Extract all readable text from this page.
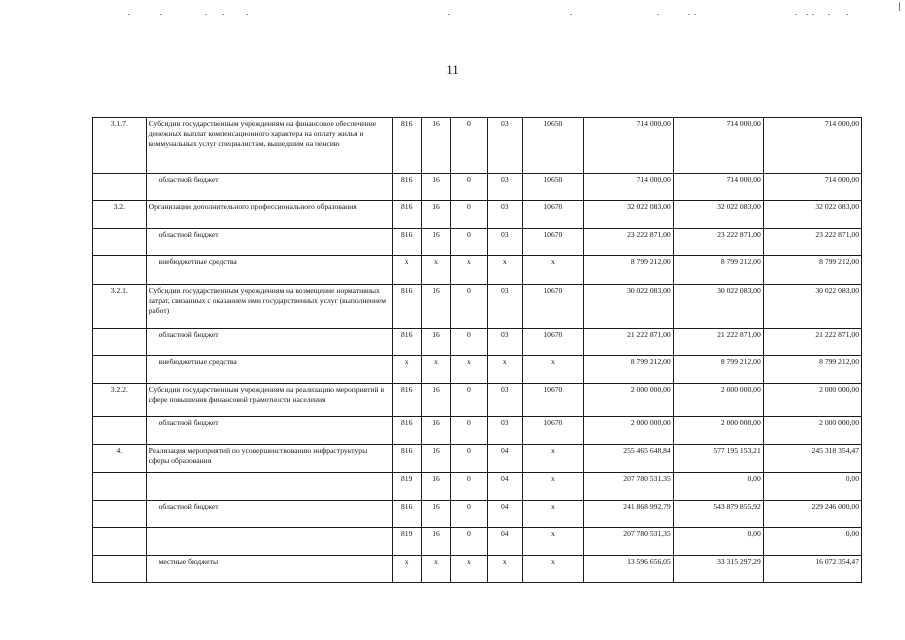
11
3.1.7.	Субсидии государственным учреждениям на финансовое обеспечение денежных выплат компенсационного характера на оплату жилья и коммунальных услуг специалистам, вышедшим на пенсию	816	16	0	03	10650	714 000,00	714 000,00	714 000,00
	областной бюджет	816	16	0	03	10650	714 000,00	714 000,00	714 000,00
3.2.	Организации дополнительного профессионального образования	816	16	0	03	10670	32 022 083,00	32 022 083,00	32 022 083,00
	областной бюджет	816	16	0	03	10670	23 222 871,00	23 222 871,00	23 222 871,00
	внебюджетные средства	х	х	х	х	х	8 799 212,00	8 799 212,00	8 799 212,00
3.2.1.	Субсидии государственным учреждениям на возмещение нормативных затрат, связанных с оказанием ими государственных услуг (выполнением работ)	816	16	0	03	10670	30 022 083,00	30 022 083,00	30 022 083,00
	областной бюджет	816	16	0	03	10670	21 222 871,00	21 222 871,00	21 222 871,00
	внебюджетные средства	х	х	х	х	х	8 799 212,00	8 799 212,00	8 799 212,00
3.2.2.	Субсидии государственным учреждениям на реализацию мероприятий в сфере повышения финансовой грамотности населения	816	16	0	03	10670	2 000 000,00	2 000 000,00	2 000 000,00
	областной бюджет	816	16	0	03	10670	2 000 000,00	2 000 000,00	2 000 000,00
4.	Реализация мероприятий по усовершенствованию инфраструктуры сферы образования	816	16	0	04	х	255 465 648,84	577 195 153,21	245 318 354,47
		819	16	0	04	х	207 780 531,35	0,00	0,00
	областной бюджет	816	16	0	04	х	241 868 992,79	543 879 855,92	229 246 000,00
		819	16	0	04	х	207 780 531,35	0,00	0,00
	местные бюджеты	х	х	х	х	х	13 596 656,05	33 315 297,29	16 072 354,47
